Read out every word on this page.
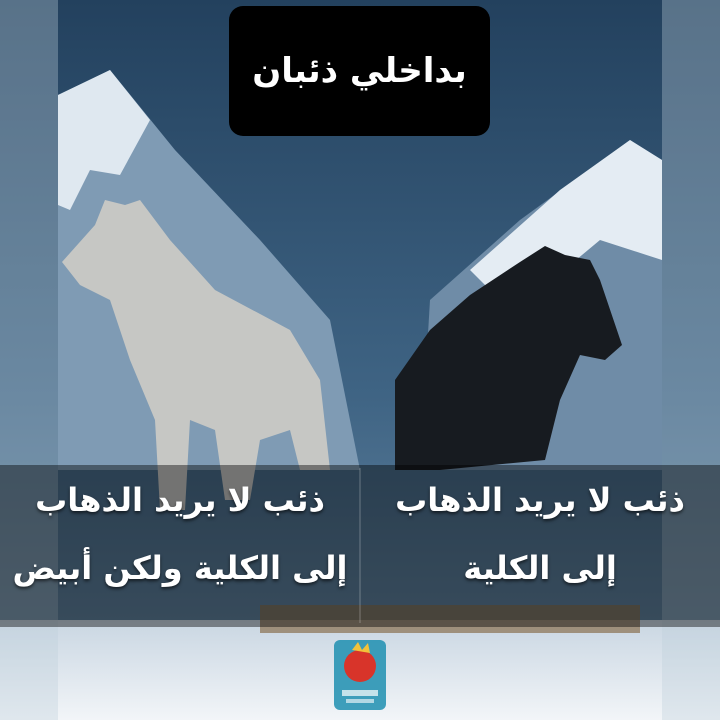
بداخلي ذئبان
ذئب لا يريد الذهاب
إلى الكلية ولكن أبيض
ذئب لا يريد الذهاب
إلى الكلية
